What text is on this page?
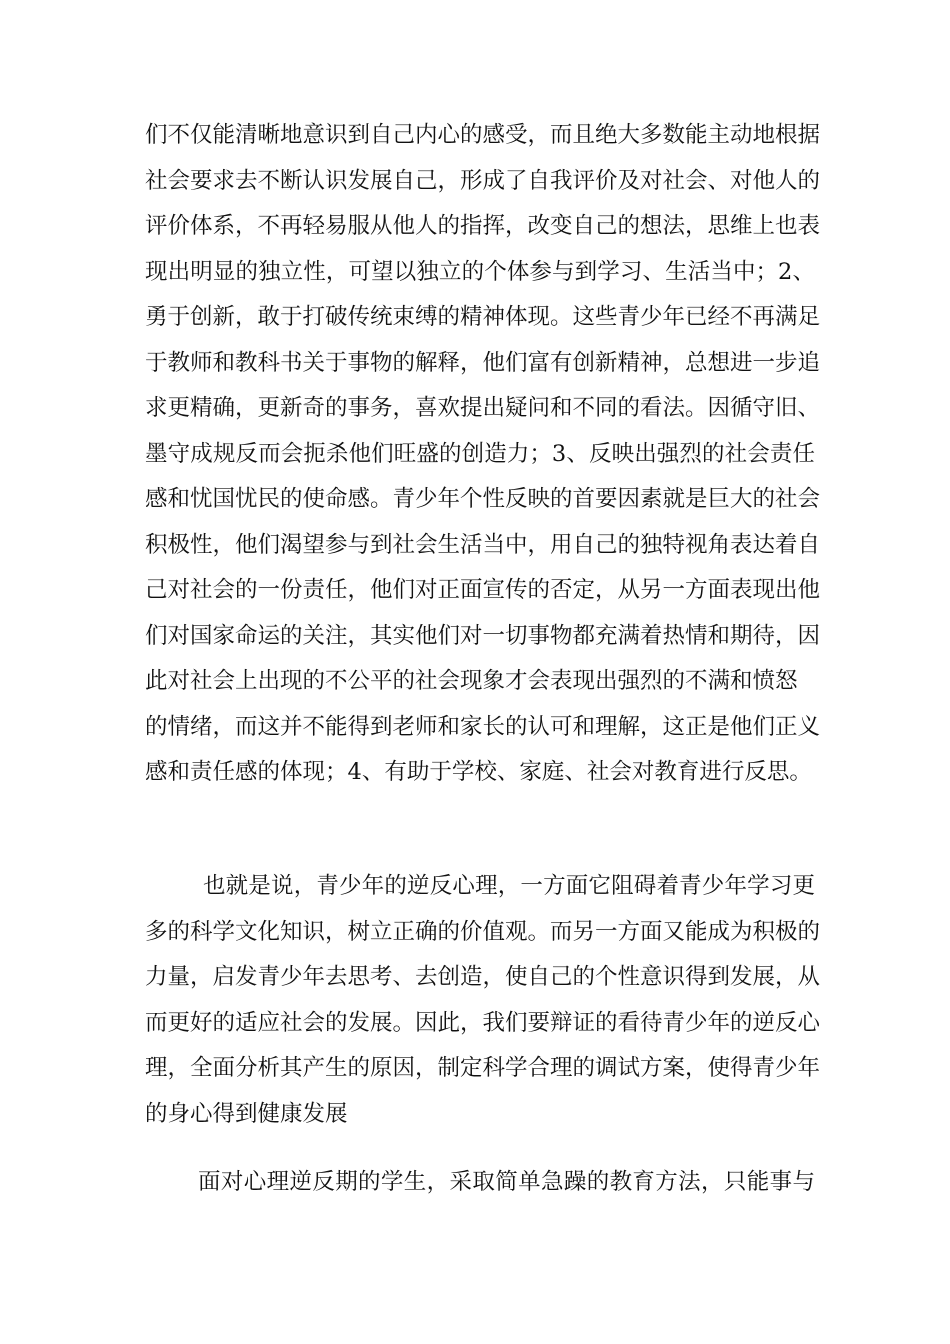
们不仅能清晰地意识到自己内心的感受，而且绝大多数能主动地根据
社会要求去不断认识发展自己，形成了自我评价及对社会、对他人的
评价体系，不再轻易服从他人的指挥，改变自己的想法，思维上也表
现出明显的独立性，可望以独立的个体参与到学习、生活当中；2、
勇于创新，敢于打破传统束缚的精神体现。这些青少年已经不再满足
于教师和教科书关于事物的解释，他们富有创新精神，总想进一步追
求更精确，更新奇的事务，喜欢提出疑问和不同的看法。因循守旧、
墨守成规反而会扼杀他们旺盛的创造力；3、反映出强烈的社会责任
感和忧国忧民的使命感。青少年个性反映的首要因素就是巨大的社会
积极性，他们渴望参与到社会生活当中，用自己的独特视角表达着自
己对社会的一份责任，他们对正面宣传的否定，从另一方面表现出他
们对国家命运的关注，其实他们对一切事物都充满着热情和期待，因
此对社会上出现的不公平的社会现象才会表现出强烈的不满和愤怒
的情绪，而这并不能得到老师和家长的认可和理解，这正是他们正义
感和责任感的体现；4、有助于学校、家庭、社会对教育进行反思。
也就是说，青少年的逆反心理，一方面它阻碍着青少年学习更
多的科学文化知识，树立正确的价值观。而另一方面又能成为积极的
力量，启发青少年去思考、去创造，使自己的个性意识得到发展，从
而更好的适应社会的发展。因此，我们要辩证的看待青少年的逆反心
理，全面分析其产生的原因，制定科学合理的调试方案，使得青少年
的身心得到健康发展
面对心理逆反期的学生，采取简单急躁的教育方法，只能事与
